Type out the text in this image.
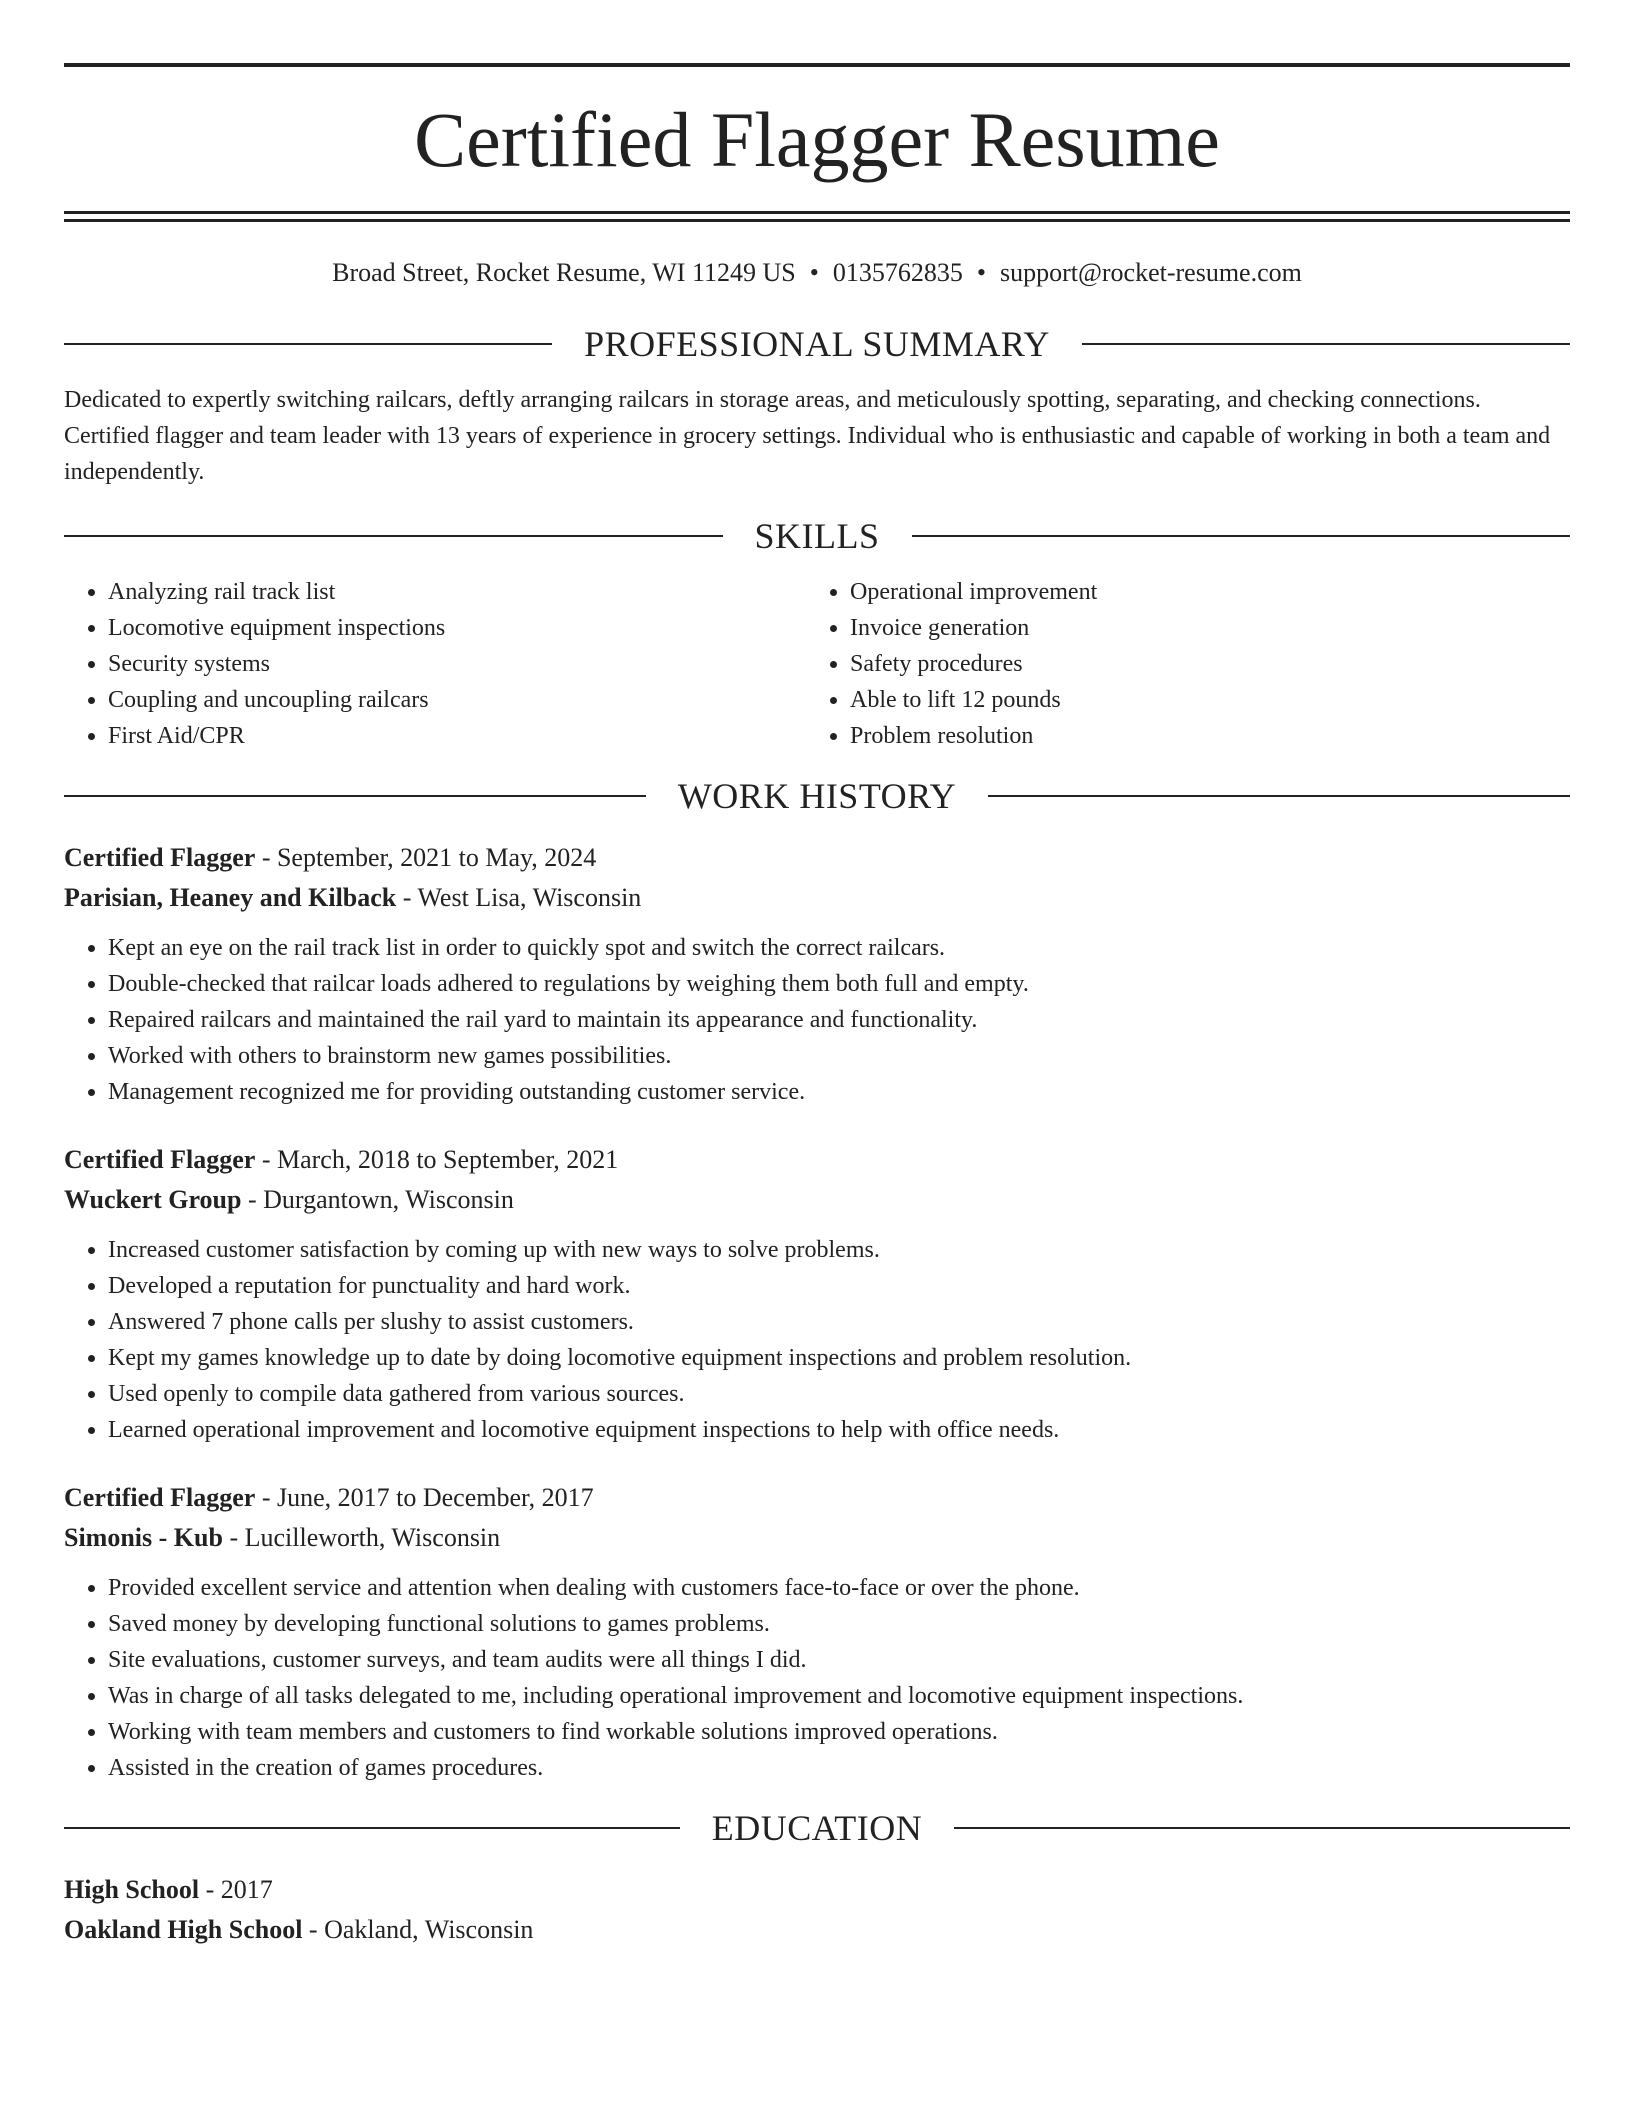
Certified Flagger Resume
Broad Street, Rocket Resume, WI 11249 US • 0135762835 • support@rocket-resume.com
PROFESSIONAL SUMMARY

Dedicated to expertly switching railcars, deftly arranging railcars in storage areas, and meticulously spotting, separating, and checking connections. Certified flagger and team leader with 13 years of experience in grocery settings. Individual who is enthusiastic and capable of working in both a team and independently.

SKILLS
• Analyzing rail track list
• Locomotive equipment inspections
• Security systems
• Coupling and uncoupling railcars
• First Aid/CPR
• Operational improvement
• Invoice generation
• Safety procedures
• Able to lift 12 pounds
• Problem resolution
WORK HISTORY

Certified Flagger - September, 2021 to May, 2024

Parisian, Heaney and Kilback - West Lisa, Wisconsin

• Kept an eye on the rail track list in order to quickly spot and switch the correct railcars.
• Double-checked that railcar loads adhered to regulations by weighing them both full and empty.
• Repaired railcars and maintained the rail yard to maintain its appearance and functionality.
• Worked with others to brainstorm new games possibilities.
• Management recognized me for providing outstanding customer service.

Certified Flagger - March, 2018 to September, 2021

Wuckert Group - Durgantown, Wisconsin

• Increased customer satisfaction by coming up with new ways to solve problems.
• Developed a reputation for punctuality and hard work.
• Answered 7 phone calls per slushy to assist customers.
• Kept my games knowledge up to date by doing locomotive equipment inspections and problem resolution.
• Used openly to compile data gathered from various sources.
• Learned operational improvement and locomotive equipment inspections to help with office needs.

Certified Flagger - June, 2017 to December, 2017

Simonis - Kub - Lucilleworth, Wisconsin

• Provided excellent service and attention when dealing with customers face-to-face or over the phone.
• Saved money by developing functional solutions to games problems.
• Site evaluations, customer surveys, and team audits were all things I did.
• Was in charge of all tasks delegated to me, including operational improvement and locomotive equipment inspections.
• Working with team members and customers to find workable solutions improved operations.
• Assisted in the creation of games procedures.
EDUCATION

High School - 2017

Oakland High School - Oakland, Wisconsin
